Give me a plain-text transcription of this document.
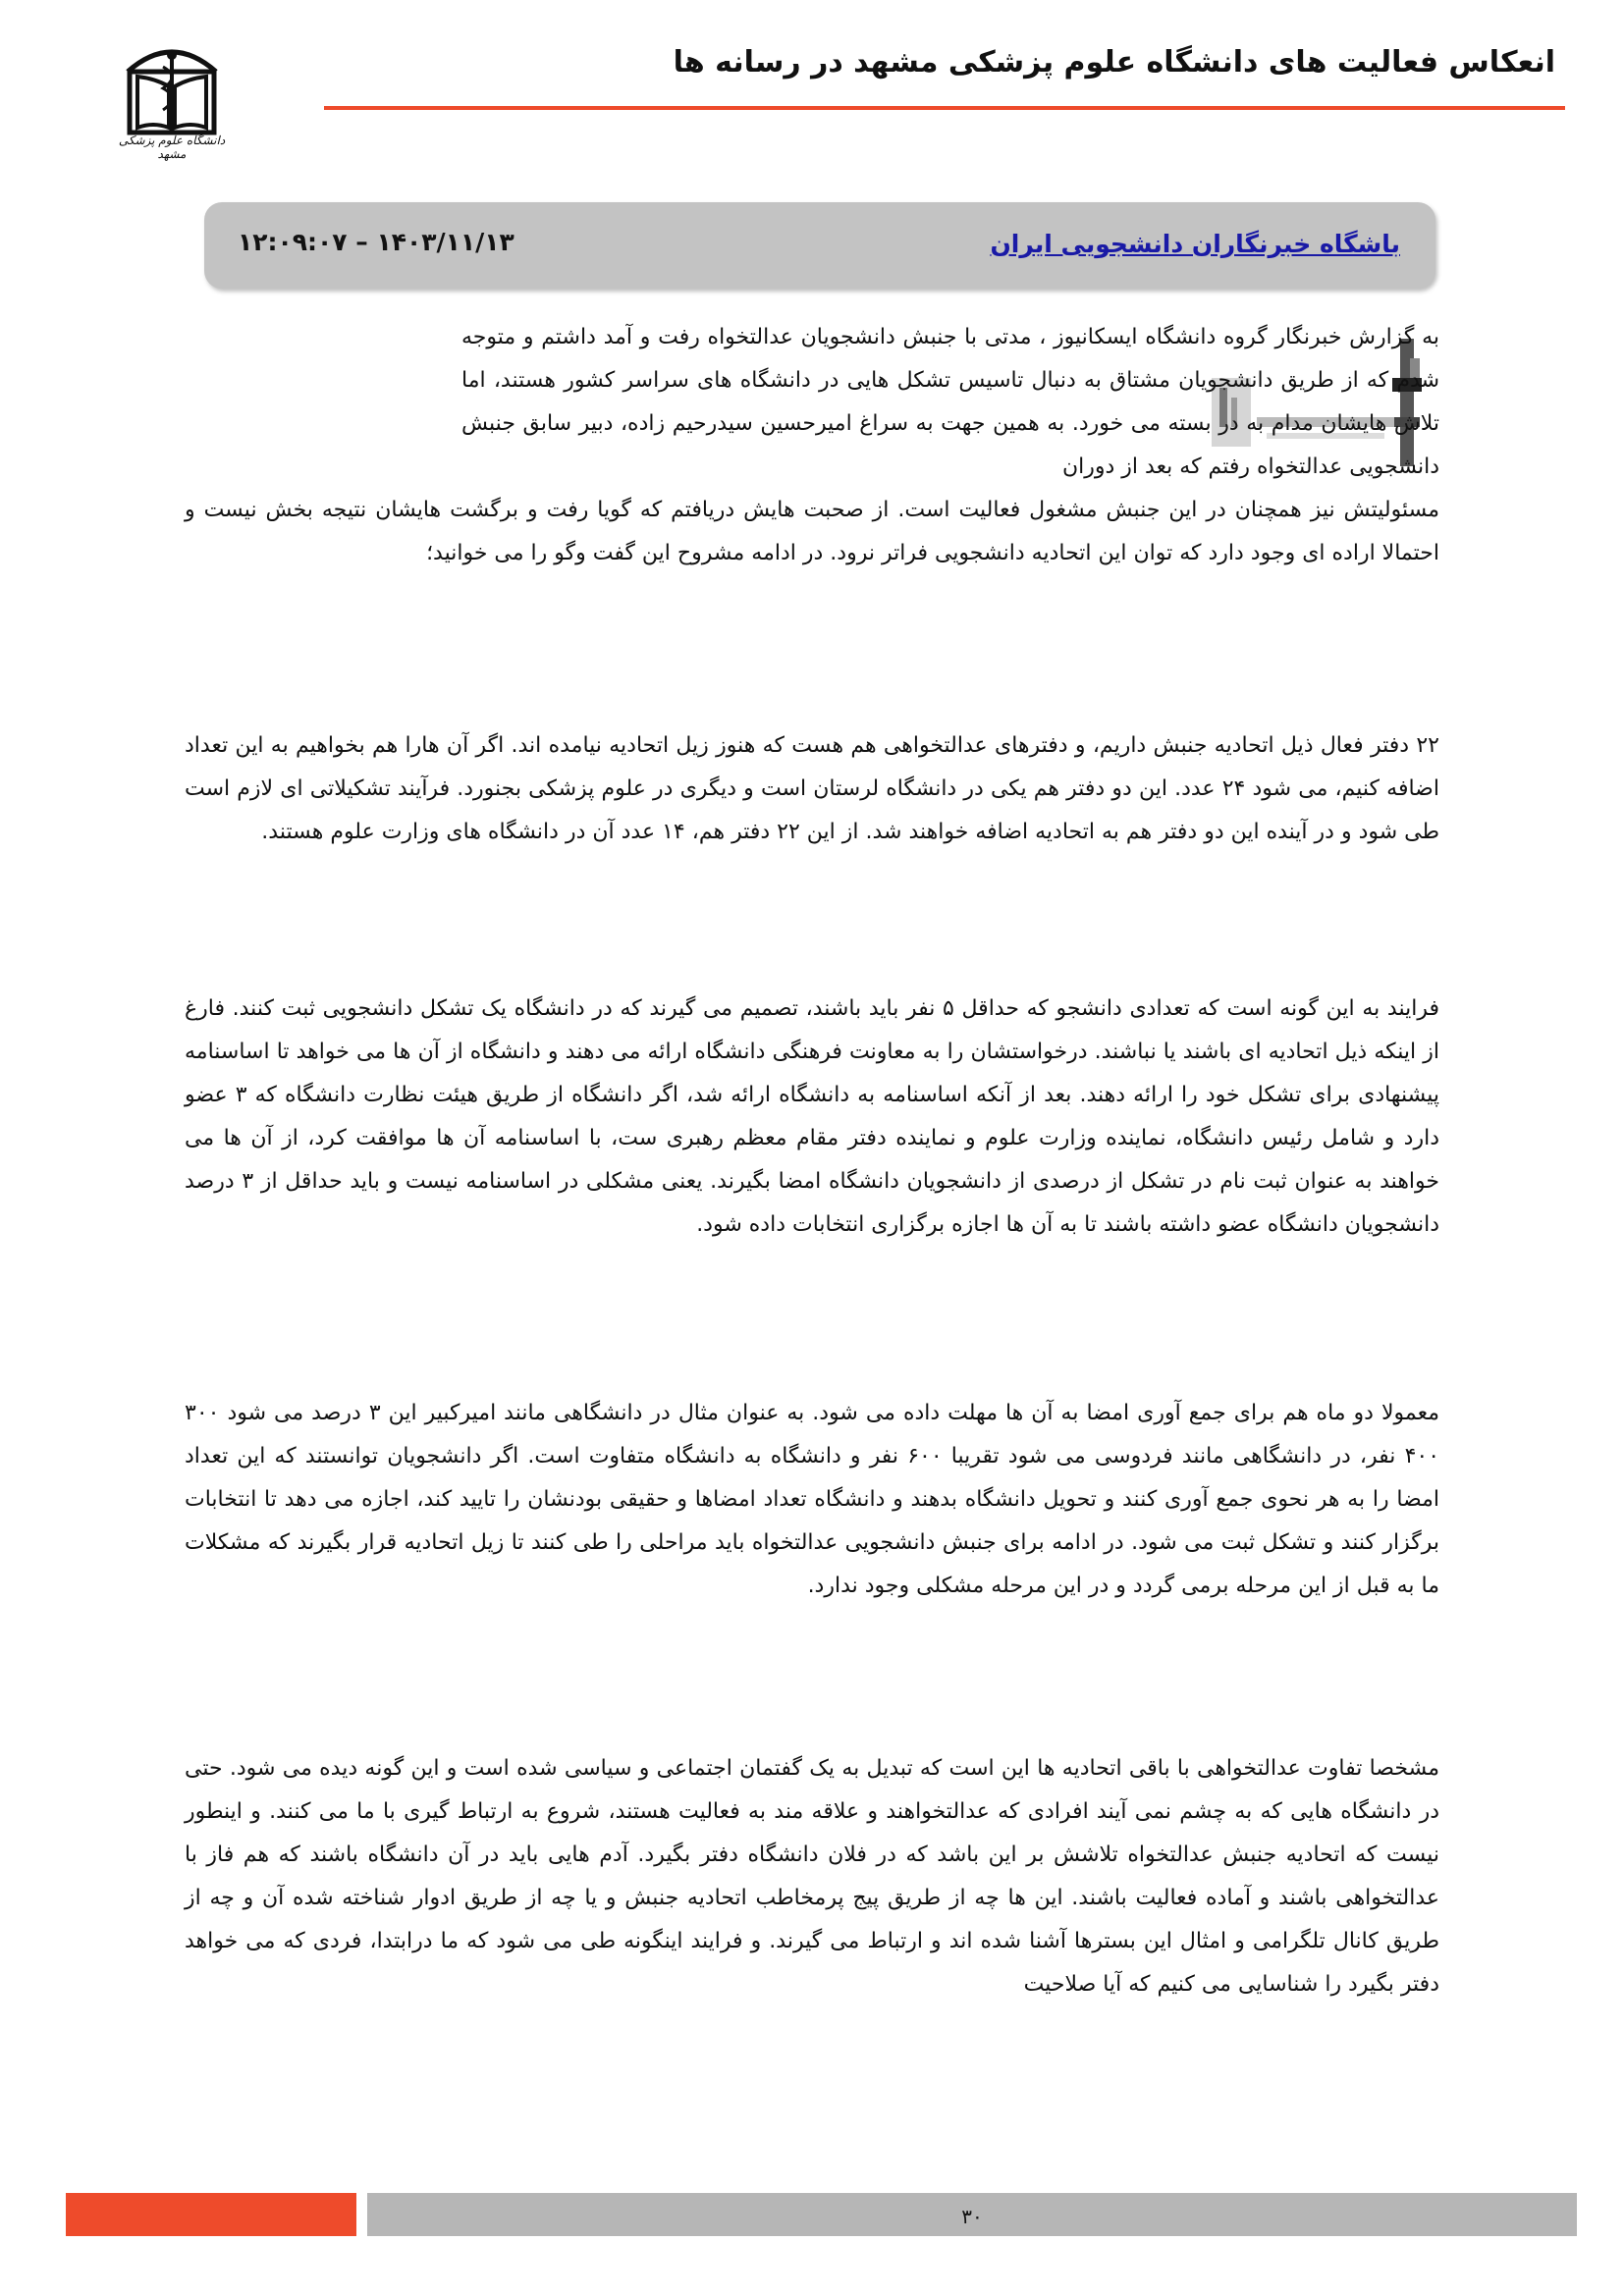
انعکاس فعالیت های دانشگاه علوم پزشکی مشهد در رسانه ها
دانشگاه علوم پزشکی مشهد
باشگاه خبرنگاران دانشجویی ایران
۱۴۰۳/۱۱/۱۳ – ۱۲:۰۹:۰۷
به گزارش خبرنگار گروه دانشگاه ایسکانیوز ، مدتی با جنبش دانشجویان عدالتخواه رفت و آمد داشتم و متوجه شدم که از طریق دانشجویان مشتاق به دنبال تاسیس تشکل هایی در دانشگاه های سراسر کشور هستند، اما تلاش هایشان مدام به در بسته می خورد. به همین جهت به سراغ امیرحسین سیدرحیم زاده، دبیر سابق جنبش دانشجویی عدالتخواه رفتم که بعد از دوران
مسئولیتش نیز همچنان در این جنبش مشغول فعالیت است. از صحبت هایش دریافتم که گویا رفت و برگشت هایشان نتیجه بخش نیست و احتمالا اراده ای وجود دارد که توان این اتحادیه دانشجویی فراتر نرود. در ادامه مشروح این گفت وگو را می خوانید؛
۲۲ دفتر فعال ذیل اتحادیه جنبش داریم، و دفترهای عدالتخواهی هم هست که هنوز زیل اتحادیه نیامده اند. اگر آن هارا هم بخواهیم به این تعداد اضافه کنیم، می شود ۲۴ عدد. این دو دفتر هم یکی در دانشگاه لرستان است و دیگری در علوم پزشکی بجنورد. فرآیند تشکیلاتی ای لازم است طی شود و در آینده این دو دفتر هم به اتحادیه اضافه خواهند شد. از این ۲۲ دفتر هم، ۱۴ عدد آن در دانشگاه های وزارت علوم هستند.
فرایند به این گونه است که تعدادی دانشجو که حداقل ۵ نفر باید باشند، تصمیم می گیرند که در دانشگاه یک تشکل دانشجویی ثبت کنند. فارغ از اینکه ذیل اتحادیه ای باشند یا نباشند. درخواستشان را به معاونت فرهنگی دانشگاه ارائه می دهند و دانشگاه از آن ها می خواهد تا اساسنامه پیشنهادی برای تشکل خود را ارائه دهند. بعد از آنکه اساسنامه به دانشگاه ارائه شد، اگر دانشگاه از طریق هیئت نظارت دانشگاه که ۳ عضو دارد و شامل رئیس دانشگاه، نماینده وزارت علوم و نماینده دفتر مقام معظم رهبری ست، با اساسنامه آن ها موافقت کرد، از آن ها می خواهند به عنوان ثبت نام در تشکل از درصدی از دانشجویان دانشگاه امضا بگیرند. یعنی مشکلی در اساسنامه نیست و باید حداقل از ۳ درصد دانشجویان دانشگاه عضو داشته باشند تا به آن ها اجازه برگزاری انتخابات داده شود.
معمولا دو ماه هم برای جمع آوری امضا به آن ها مهلت داده می شود. به عنوان مثال در دانشگاهی مانند امیرکبیر این ۳ درصد می شود ۳۰۰ ۴۰۰ نفر، در دانشگاهی مانند فردوسی می شود تقریبا ۶۰۰ نفر و دانشگاه به دانشگاه متفاوت است. اگر دانشجویان توانستند که این تعداد امضا را به هر نحوی جمع آوری کنند و تحویل دانشگاه بدهند و دانشگاه تعداد امضاها و حقیقی بودنشان را تایید کند، اجازه می دهد تا انتخابات برگزار کنند و تشکل ثبت می شود. در ادامه برای جنبش دانشجویی عدالتخواه باید مراحلی را طی کنند تا زیل اتحادیه قرار بگیرند که مشکلات ما به قبل از این مرحله برمی گردد و در این مرحله مشکلی وجود ندارد.
مشخصا تفاوت عدالتخواهی با باقی اتحادیه ها این است که تبدیل به یک گفتمان اجتماعی و سیاسی شده است و این گونه دیده می شود. حتی در دانشگاه هایی که به چشم نمی آیند افرادی که عدالتخواهند و علاقه مند به فعالیت هستند، شروع به ارتباط گیری با ما می کنند. و اینطور نیست که اتحادیه جنبش عدالتخواه تلاشش بر این باشد که در فلان دانشگاه دفتر بگیرد. آدم هایی باید در آن دانشگاه باشند که هم فاز با عدالتخواهی باشند و آماده فعالیت باشند. این ها چه از طریق پیج پرمخاطب اتحادیه جنبش و یا چه از طریق ادوار شناخته شده آن و چه از طریق کانال تلگرامی و امثال این بسترها آشنا شده اند و ارتباط می گیرند. و فرایند اینگونه طی می شود که ما درابتدا، فردی که می خواهد دفتر بگیرد را شناسایی می کنیم که آیا صلاحیت
۳۰
